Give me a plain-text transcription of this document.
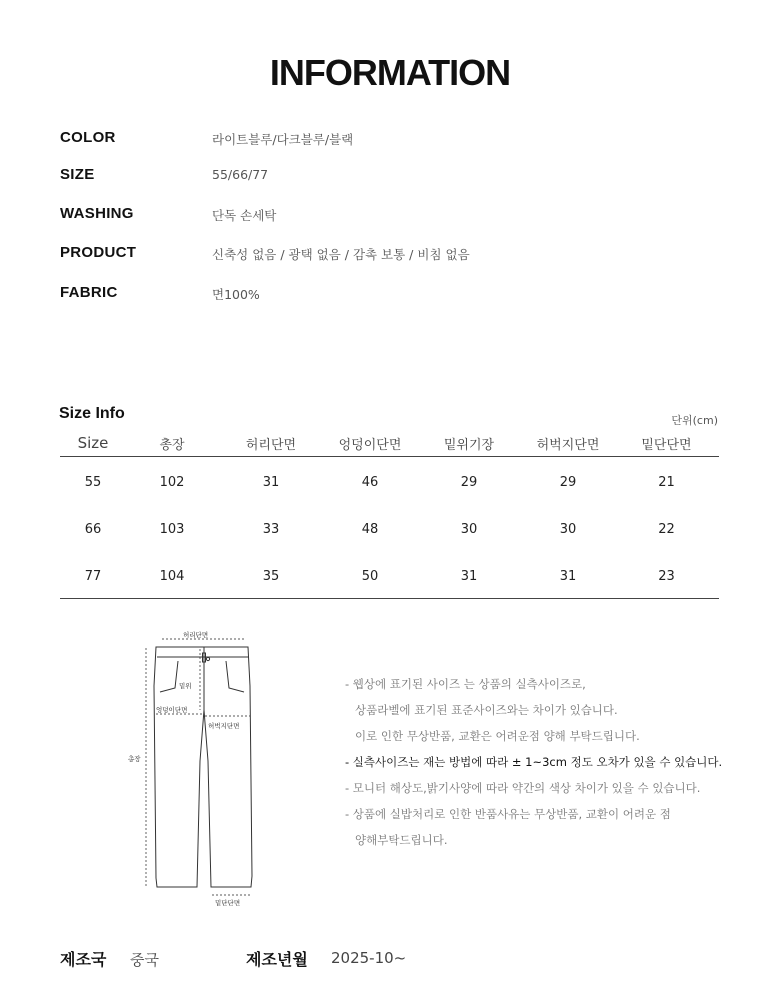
INFORMATION
COLOR	라이트블루/다크블루/블랙
SIZE	55/66/77
WASHING	단독 손세탁
PRODUCT	신축성 없음 / 광택 없음 / 감촉 보통 / 비침 없음
FABRIC	면100%
Size Info	단위(cm)
Size	총장	허리단면	엉덩이단면	밑위기장	허벅지단면	밑단단면
55	102	31	46	29	29	21
66	103	33	48	30	30	22
77	104	35	50	31	31	23
허리단면
밑위
엉덩이단면
허벅지단면
총장
밑단단면
- 웹상에 표기된 사이즈 는 상품의 실측사이즈로,
상품라벨에 표기된 표준사이즈와는 차이가 있습니다.
이로 인한 무상반품, 교환은 어려운점 양해 부탁드립니다.
- 실측사이즈는 재는 방법에 따라 ± 1~3cm 정도 오차가 있을 수 있습니다.
- 모니터 해상도,밝기사양에 따라 약간의 색상 차이가 있을 수 있습니다.
- 상품에 실밥처리로 인한 반품사유는 무상반품, 교환이 어려운 점
양해부탁드립니다.
제조국 중국	제조년월 2025-10~
